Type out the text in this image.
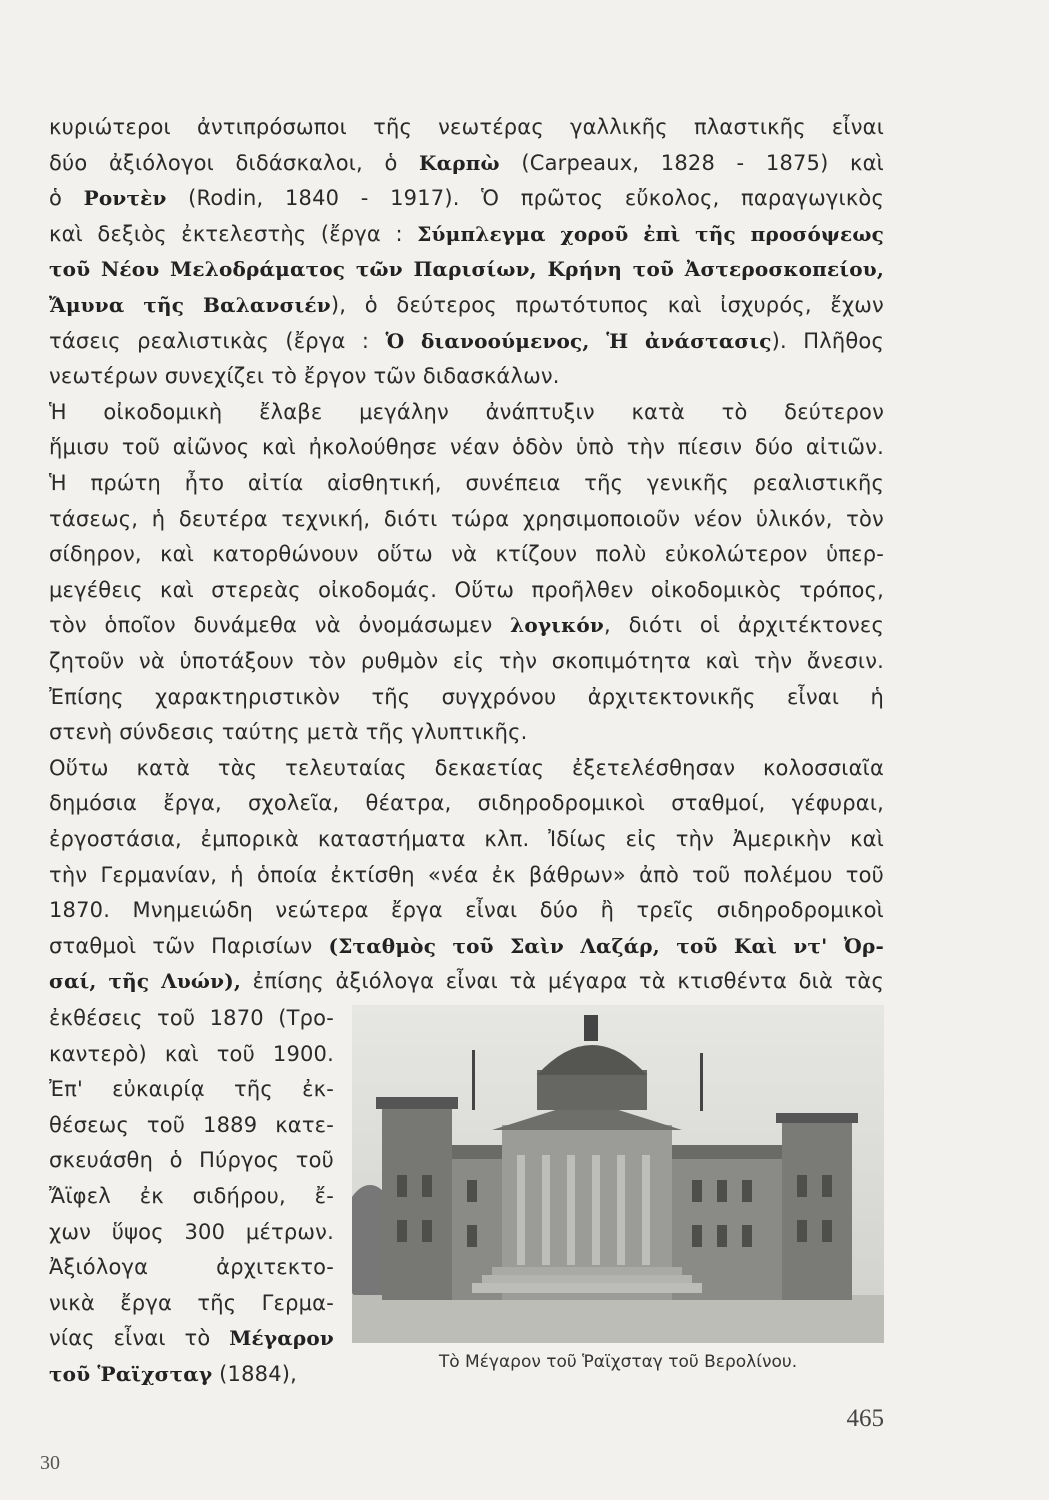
κυριώτεροι ἀντιπρόσωποι τῆς νεωτέρας γαλλικῆς πλαστικῆς εἶναι
δύο ἀξιόλογοι διδάσκαλοι, ὁ Καρπὼ (Carpeaux, 1828 - 1875) καὶ
ὁ Ροντὲν (Rodin, 1840 - 1917). Ὁ πρῶτος εὔκολος, παραγωγικὸς
καὶ δεξιὸς ἐκτελεστὴς (ἔργα : Σύμπλεγμα χοροῦ ἐπὶ τῆς προσόψεως
τοῦ Νέου Μελοδράματος τῶν Παρισίων, Κρήνη τοῦ Ἀστεροσκοπείου,
Ἄμυνα τῆς Βαλανσιέν), ὁ δεύτερος πρωτότυπος καὶ ἰσχυρός, ἔχων
τάσεις ρεαλιστικὰς (ἔργα : Ὁ διανοούμενος, Ἡ ἀνάστασις). Πλῆθος
νεωτέρων συνεχίζει τὸ ἔργον τῶν διδασκάλων.
Ἡ οἰκοδομικὴ ἔλαβε μεγάλην ἀνάπτυξιν κατὰ τὸ δεύτερον
ἥμισυ τοῦ αἰῶνος καὶ ἠκολούθησε νέαν ὁδὸν ὑπὸ τὴν πίεσιν δύο αἰτιῶν.
Ἡ πρώτη ἦτο αἰτία αἰσθητική, συνέπεια τῆς γενικῆς ρεαλιστικῆς
τάσεως, ἡ δευτέρα τεχνική, διότι τώρα χρησιμοποιοῦν νέον ὑλικόν, τὸν
σίδηρον, καὶ κατορθώνουν οὕτω νὰ κτίζουν πολὺ εὐκολώτερον ὑπερ-
μεγέθεις καὶ στερεὰς οἰκοδομάς. Οὕτω προῆλθεν οἰκοδομικὸς τρόπος,
τὸν ὁποῖον δυνάμεθα νὰ ὀνομάσωμεν λογικόν, διότι οἱ ἀρχιτέκτονες
ζητοῦν νὰ ὑποτάξουν τὸν ρυθμὸν εἰς τὴν σκοπιμότητα καὶ τὴν ἄνεσιν.
Ἐπίσης χαρακτηριστικὸν τῆς συγχρόνου ἀρχιτεκτονικῆς εἶναι ἡ
στενὴ σύνδεσις ταύτης μετὰ τῆς γλυπτικῆς.
Οὕτω κατὰ τὰς τελευταίας δεκαετίας ἐξετελέσθησαν κολοσσιαῖα
δημόσια ἔργα, σχολεῖα, θέατρα, σιδηροδρομικοὶ σταθμοί, γέφυραι,
ἐργοστάσια, ἐμπορικὰ καταστήματα κλπ. Ἰδίως εἰς τὴν Ἀμερικὴν καὶ
τὴν Γερμανίαν, ἡ ὁποία ἐκτίσθη «νέα ἐκ βάθρων» ἀπὸ τοῦ πολέμου τοῦ
1870. Μνημειώδη νεώτερα ἔργα εἶναι δύο ἢ τρεῖς σιδηροδρομικοὶ
σταθμοὶ τῶν Παρισίων (Σταθμὸς τοῦ Σαὶν Λαζάρ, τοῦ Καὶ ντ' Ὀρ-
σαί, τῆς Λυών), ἐπίσης ἀξιόλογα εἶναι τὰ μέγαρα τὰ κτισθέντα διὰ τὰς
ἐκθέσεις τοῦ 1870 (Τρο-
καντερὸ) καὶ τοῦ 1900.
Ἐπ' εὐκαιρίᾳ τῆς ἐκ-
θέσεως τοῦ 1889 κατε-
σκευάσθη ὁ Πύργος τοῦ
Ἄϊφελ ἐκ σιδήρου, ἔ-
χων ὕψος 300 μέτρων.
Ἀξιόλογα ἀρχιτεκτο-
νικὰ ἔργα τῆς Γερμα-
νίας εἶναι τὸ Μέγαρον
τοῦ Ῥαϊχσταγ (1884),	Τὸ Μέγαρον τοῦ Ῥαϊχσταγ τοῦ Βερολίνου.
465
30
